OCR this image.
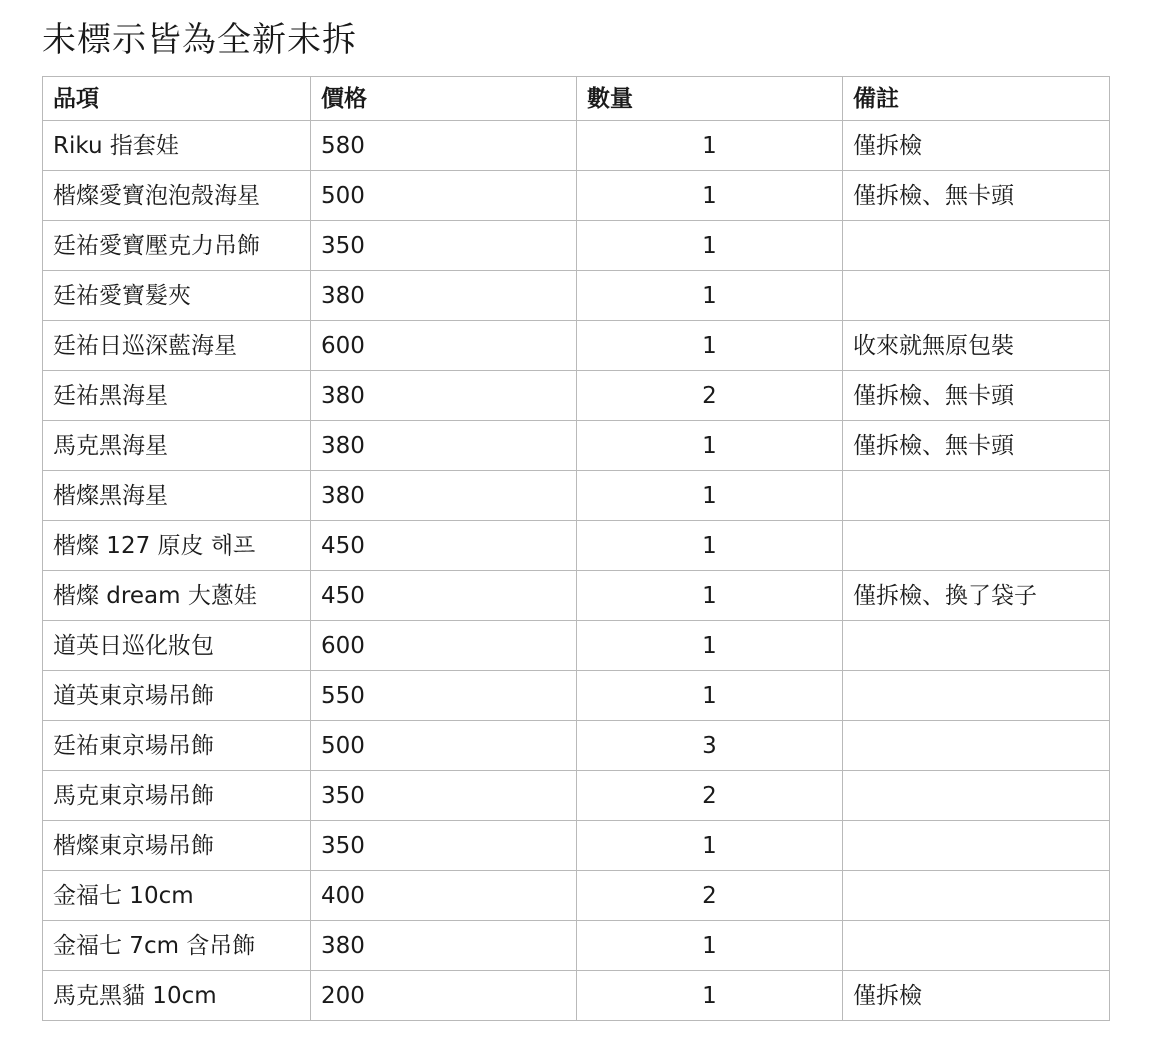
未標示皆為全新未拆
品項	價格	數量	備註
Riku 指套娃	580	1	僅拆檢
楷燦愛寶泡泡殼海星	500	1	僅拆檢、無卡頭
廷祐愛寶壓克力吊飾	350	1	
廷祐愛寶髮夾	380	1	
廷祐日巡深藍海星	600	1	收來就無原包裝
廷祐黑海星	380	2	僅拆檢、無卡頭
馬克黑海星	380	1	僅拆檢、無卡頭
楷燦黑海星	380	1	
楷燦 127 原皮 해프	450	1	
楷燦 dream 大蔥娃	450	1	僅拆檢、換了袋子
道英日巡化妝包	600	1	
道英東京場吊飾	550	1	
廷祐東京場吊飾	500	3	
馬克東京場吊飾	350	2	
楷燦東京場吊飾	350	1	
金福七 10cm	400	2	
金福七 7cm 含吊飾	380	1	
馬克黑貓 10cm	200	1	僅拆檢
